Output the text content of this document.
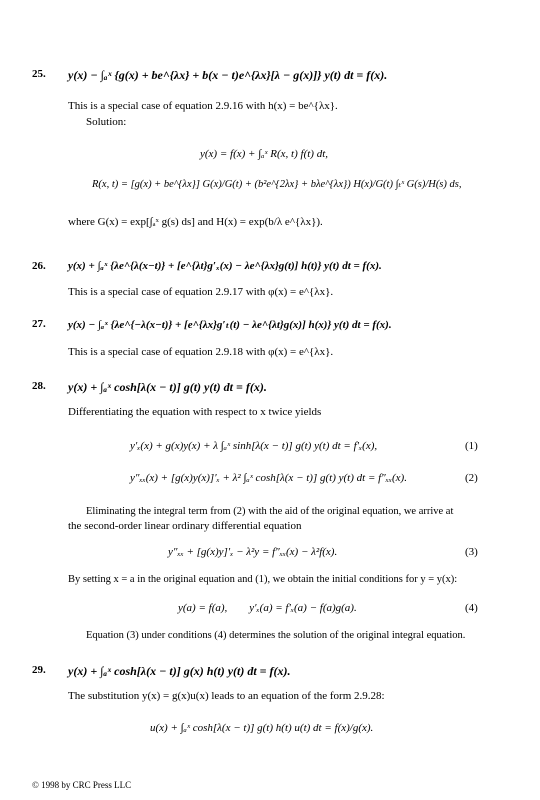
25. y(x) − ∫ₐˣ {g(x) + be^{λx} + b(x − t)e^{λx}[λ − g(x)]} y(t) dt = f(x).
This is a special case of equation 2.9.16 with h(x) = be^{λx}.
Solution:
y(x) = f(x) + ∫ₐˣ R(x, t) f(t) dt,
R(x, t) = [g(x) + be^{λx}] G(x)/G(t) + (b²e^{2λx} + bλe^{λx}) H(x)/G(t) ∫ₜˣ G(s)/H(s) ds,
where G(x) = exp[∫ₐˣ g(s) ds] and H(x) = exp(b/λ e^{λx}).
26. y(x) + ∫ₐˣ {λe^{λ(x−t)} + [e^{λt}g′ₓ(x) − λe^{λx}g(t)] h(t)} y(t) dt = f(x).
This is a special case of equation 2.9.17 with φ(x) = e^{λx}.
27. y(x) − ∫ₐˣ {λe^{−λ(x−t)} + [e^{λx}g′ₜ(t) − λe^{λt}g(x)] h(x)} y(t) dt = f(x).
This is a special case of equation 2.9.18 with φ(x) = e^{λx}.
28. y(x) + ∫ₐˣ cosh[λ(x − t)] g(t) y(t) dt = f(x).
Differentiating the equation with respect to x twice yields
y′ₓ(x) + g(x)y(x) + λ ∫ₐˣ sinh[λ(x − t)] g(t) y(t) dt = f′ₓ(x),	(1)
y″ₓₓ(x) + [g(x)y(x)]′ₓ + λ² ∫ₐˣ cosh[λ(x − t)] g(t) y(t) dt = f″ₓₓ(x).	(2)
Eliminating the integral term from (2) with the aid of the original equation, we arrive at
the second-order linear ordinary differential equation
y″ₓₓ + [g(x)y]′ₓ − λ²y = f″ₓₓ(x) − λ²f(x).	(3)
By setting x = a in the original equation and (1), we obtain the initial conditions for y = y(x):
y(a) = f(a),        y′ₓ(a) = f′ₓ(a) − f(a)g(a).	(4)
Equation (3) under conditions (4) determines the solution of the original integral equation.
29. y(x) + ∫ₐˣ cosh[λ(x − t)] g(x) h(t) y(t) dt = f(x).
The substitution y(x) = g(x)u(x) leads to an equation of the form 2.9.28:
u(x) + ∫ₐˣ cosh[λ(x − t)] g(t) h(t) u(t) dt = f(x)/g(x).
© 1998 by CRC Press LLC
